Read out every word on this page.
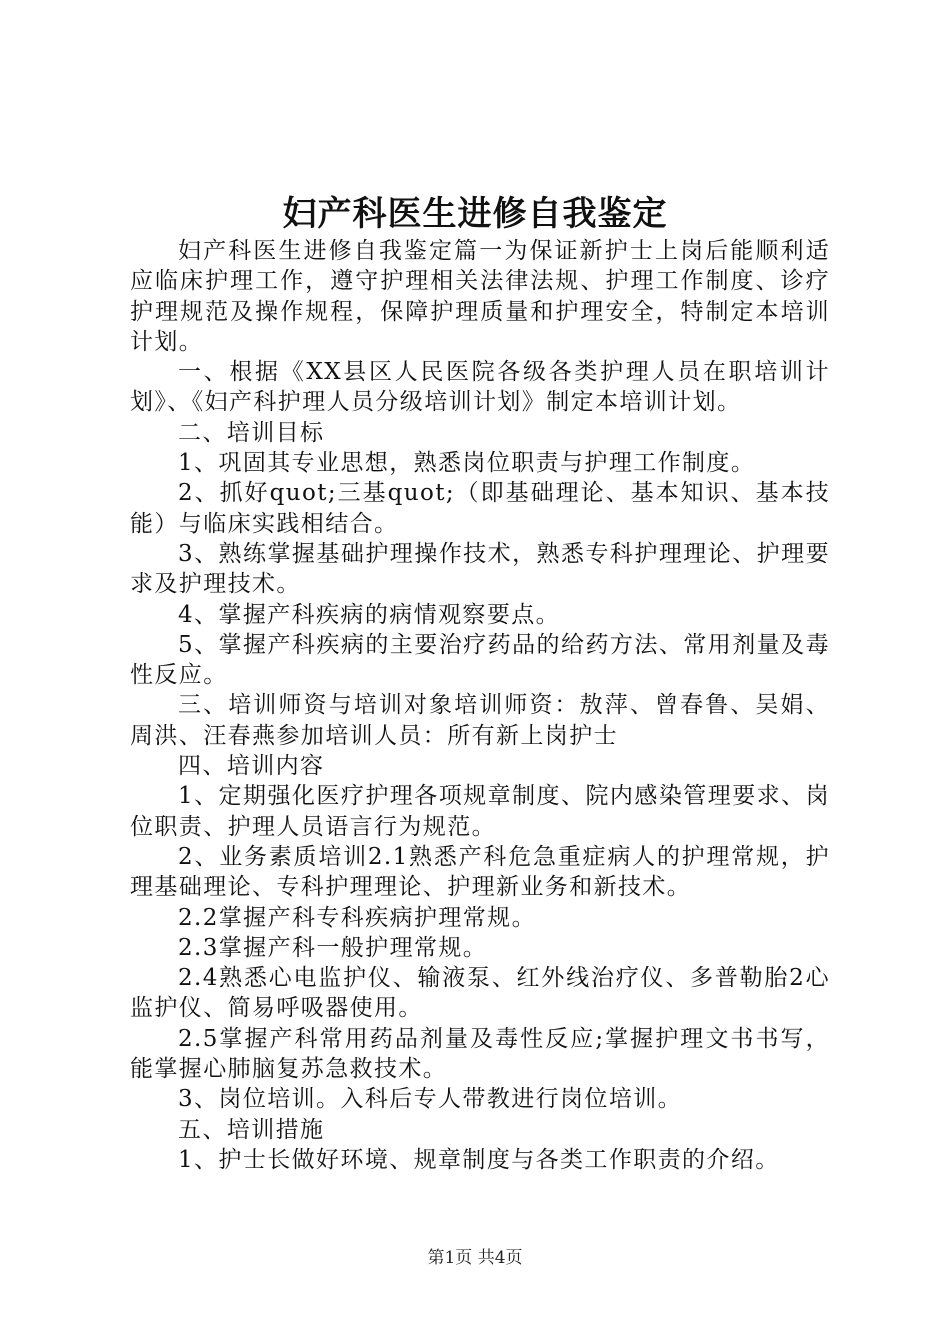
妇产科医生进修自我鉴定

妇产科医生进修自我鉴定篇一为保证新护士上岗后能顺利适应临床护理工作，遵守护理相关法律法规、护理工作制度、诊疗护理规范及操作规程，保障护理质量和护理安全，特制定本培训计划。

一、根据《XX县区人民医院各级各类护理人员在职培训计划》、《妇产科护理人员分级培训计划》制定本培训计划。

二、培训目标

1、巩固其专业思想，熟悉岗位职责与护理工作制度。

2、抓好quot;三基quot;（即基础理论、基本知识、基本技能）与临床实践相结合。

3、熟练掌握基础护理操作技术，熟悉专科护理理论、护理要求及护理技术。

4、掌握产科疾病的病情观察要点。

5、掌握产科疾病的主要治疗药品的给药方法、常用剂量及毒性反应。

三、培训师资与培训对象培训师资：敖萍、曾春鲁、吴娟、周洪、汪春燕参加培训人员：所有新上岗护士

四、培训内容

1、定期强化医疗护理各项规章制度、院内感染管理要求、岗位职责、护理人员语言行为规范。

2、业务素质培训2.1熟悉产科危急重症病人的护理常规，护理基础理论、专科护理理论、护理新业务和新技术。

2.2掌握产科专科疾病护理常规。

2.3掌握产科一般护理常规。

2.4熟悉心电监护仪、输液泵、红外线治疗仪、多普勒胎2心监护仪、简易呼吸器使用。

2.5掌握产科常用药品剂量及毒性反应;掌握护理文书书写，能掌握心肺脑复苏急救技术。

3、岗位培训。入科后专人带教进行岗位培训。

五、培训措施

1、护士长做好环境、规章制度与各类工作职责的介绍。

第1页 共4页
